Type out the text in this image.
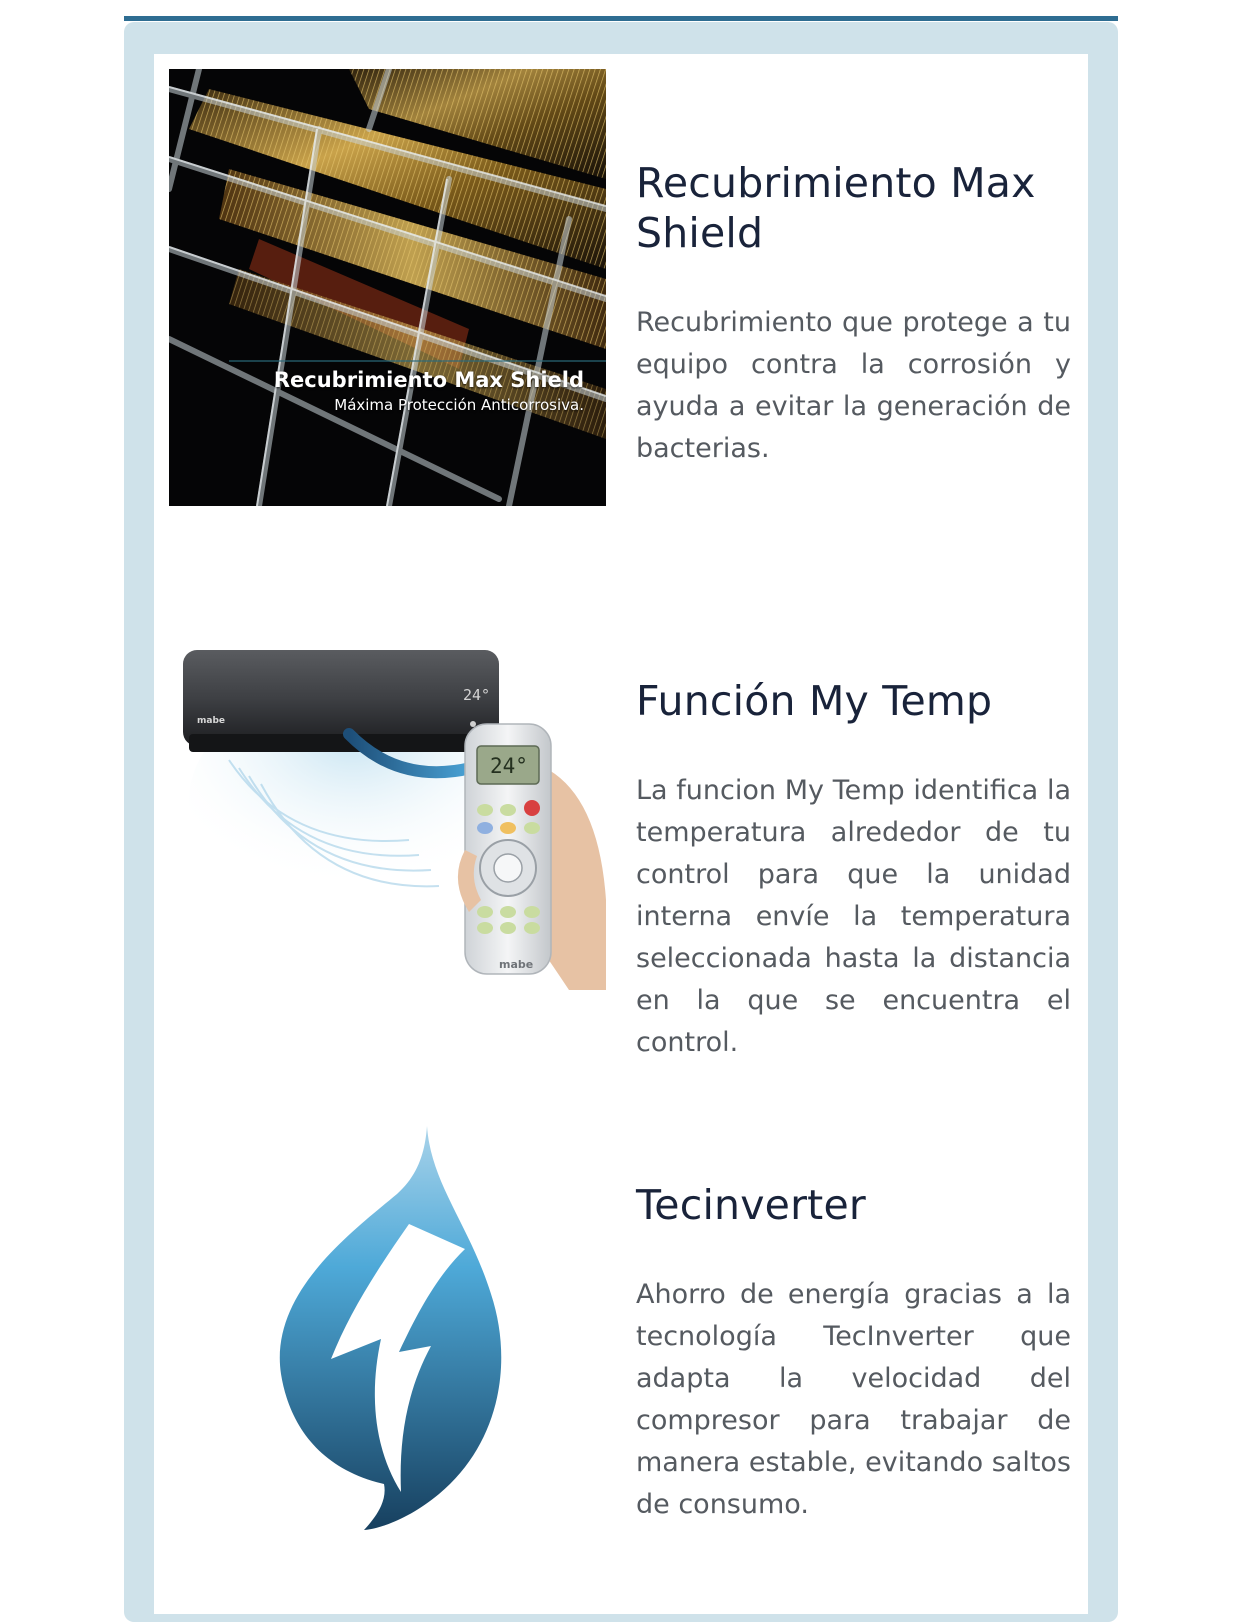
Recubrimiento Max Shield
Máxima Protección Anticorrosiva.
Recubrimiento Max Shield

Recubrimiento que protege a tu equipo contra la corrosión y ayuda a evitar la generación de bacterias.

mabe
24°
24°
mabe
Función My Temp

La funcion My Temp identifica la temperatura alrededor de tu control para que la unidad interna envíe la temperatura seleccionada hasta la distancia en la que se encuentra el control.

Tecinverter

Ahorro de energía gracias a la tecnología TecInverter que adapta la velocidad del compresor para trabajar de manera estable, evitando saltos de consumo.
